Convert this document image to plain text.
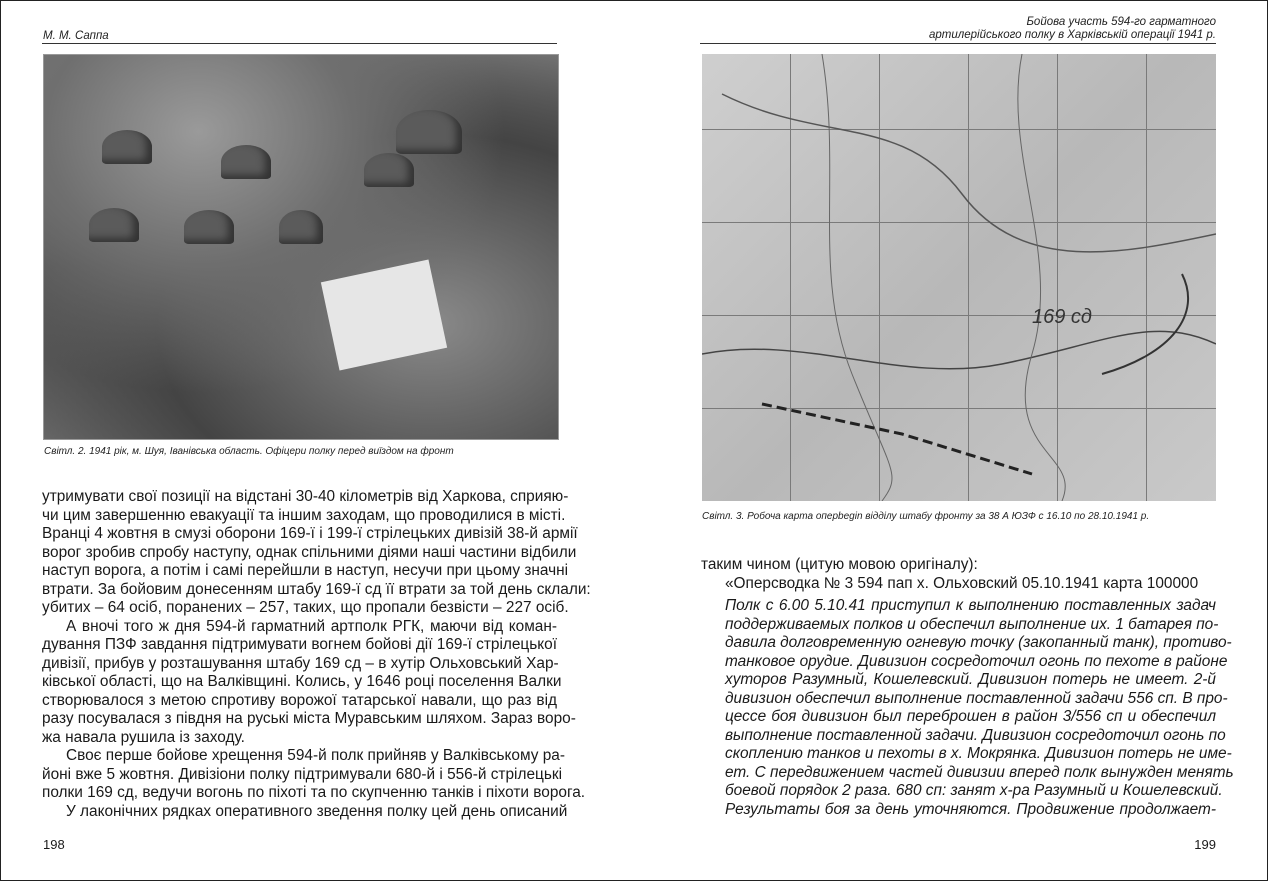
М. М. Саппа
Світл. 2. 1941 рік, м. Шуя, Іванівська область. Офіцери полку перед виїздом на фронт
утримувати свої позиції на відстані 30-40 кілометрів від Харкова, сприяю-
чи цим завершенню евакуації та іншим заходам, що проводилися в місті.
Вранці 4 жовтня в смузі оборони 169-ї і 199-ї стрілецьких дивізій 38-й армії
ворог зробив спробу наступу, однак спільними діями наші частини відбили
наступ ворога, а потім і самі перейшли в наступ, несучи при цьому значні
втрати. За бойовим донесенням штабу 169-ї сд її втрати за той день склали:
убитих – 64 осіб, поранених – 257, таких, що пропали безвісти – 227 осіб.
А вночі того ж дня 594-й гарматний артполк РГК, маючи від коман-
дування ПЗФ завдання підтримувати вогнем бойові дії 169-ї стрілецької
дивізії, прибув у розташування штабу 169 сд – в хутір Ольховський Хар-
ківської області, що на Валківщині. Колись, у 1646 році поселення Валки
створювалося з метою спротиву ворожої татарської навали, що раз від
разу посувалася з півдня на руські міста Муравським шляхом. Зараз воро-
жа навала рушила із заходу.
Своє перше бойове хрещення 594-й полк прийняв у Валківському ра-
йоні вже 5 жовтня. Дивізіони полку підтримували 680-й і 556-й стрілецькі
полки 169 сд, ведучи вогонь по піхоті та по скупченню танків і піхоти ворога.
У лаконічних рядках оперативного зведення полку цей день описаний
198
Бойова участь 594-го гарматного
артилерійського полку в Харківській операції 1941 р.
169 сд
Світл. 3. Робоча карта оперbegin відділу штабу фронту за 38 А ЮЗФ с 16.10 по 28.10.1941 р.
таким чином (цитую мовою оригіналу):
«Оперсводка № 3 594 пап х. Ольховский 05.10.1941 карта 100000
Полк с 6.00 5.10.41 приступил к выполнению поставленных задач
поддерживаемых полков и обеспечил выполнение их. 1 батарея по-
давила долговременную огневую точку (закопанный танк), противо-
танковое орудие. Дивизион сосредоточил огонь по пехоте в районе
хуторов Разумный, Кошелевский. Дивизион потерь не имеет. 2-й
дивизион обеспечил выполнение поставленной задачи 556 сп. В про-
цессе боя дивизион был переброшен в район 3/556 сп и обеспечил
выполнение поставленной задачи. Дивизион сосредоточил огонь по
скоплению танков и пехоты в х. Мокрянка. Дивизион потерь не име-
ет. С передвижением частей дивизии вперед полк вынужден менять
боевой порядок 2 раза. 680 сп: занят х-ра Разумный и Кошелевский.
Результаты боя за день уточняются. Продвижение продолжает-
199
